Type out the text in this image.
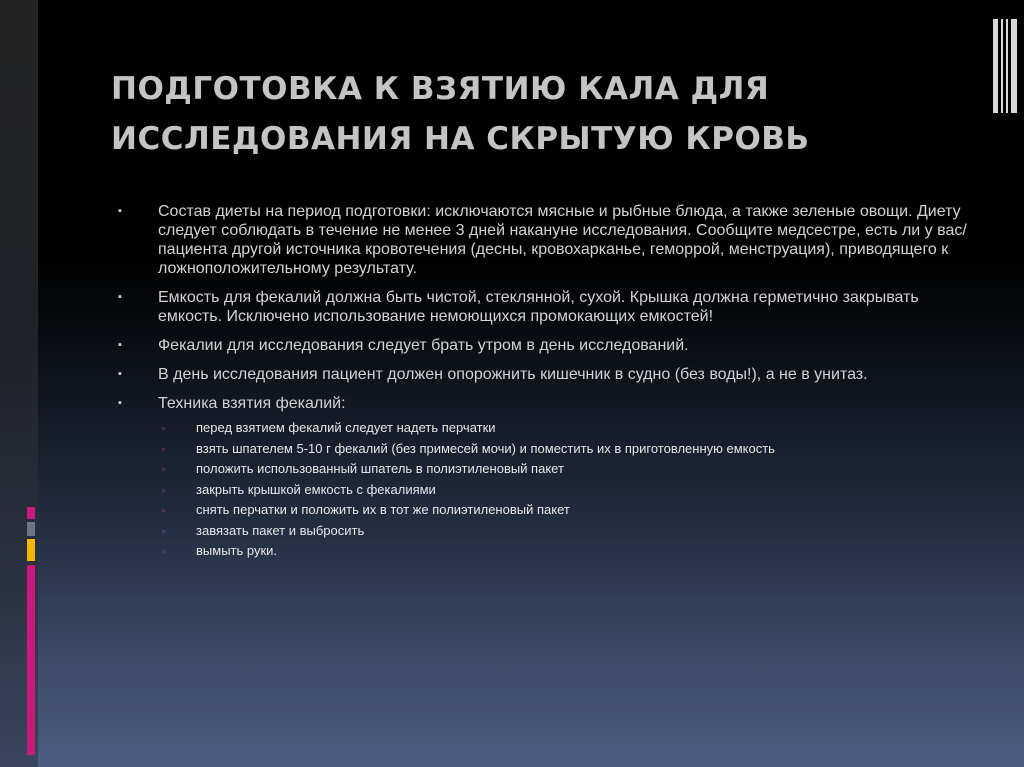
ПОДГОТОВКА К ВЗЯТИЮ КАЛА ДЛЯ ИССЛЕДОВАНИЯ НА СКРЫТУЮ КРОВЬ
▪ Состав диеты на период подготовки: исключаются мясные и рыбные блюда, а также зеленые овощи. Диету следует соблюдать в течение не менее 3 дней накануне исследования. Сообщите медсестре, есть ли у вас/пациента другой источника кровотечения (десны, кровохарканье, геморрой, менструация), приводящего к ложноположительному результату.
▪ Емкость для фекалий должна быть чистой, стеклянной, сухой. Крышка должна герметично закрывать емкость. Исключено использование немоющихся промокающих емкостей!
▪ Фекалии для исследования следует брать утром в день исследований.
▪ В день исследования пациент должен опорожнить кишечник в судно (без воды!), а не в унитаз.
▪ Техника взятия фекалий:
▫ перед взятием фекалий следует надеть перчатки
▫ взять шпателем 5-10 г фекалий (без примесей мочи) и поместить их в приготовленную емкость
▫ положить использованный шпатель в полиэтиленовый пакет
▫ закрыть крышкой емкость с фекалиями
▫ снять перчатки и положить их в тот же полиэтиленовый пакет
▫ завязать пакет и выбросить
▫ вымыть руки.
